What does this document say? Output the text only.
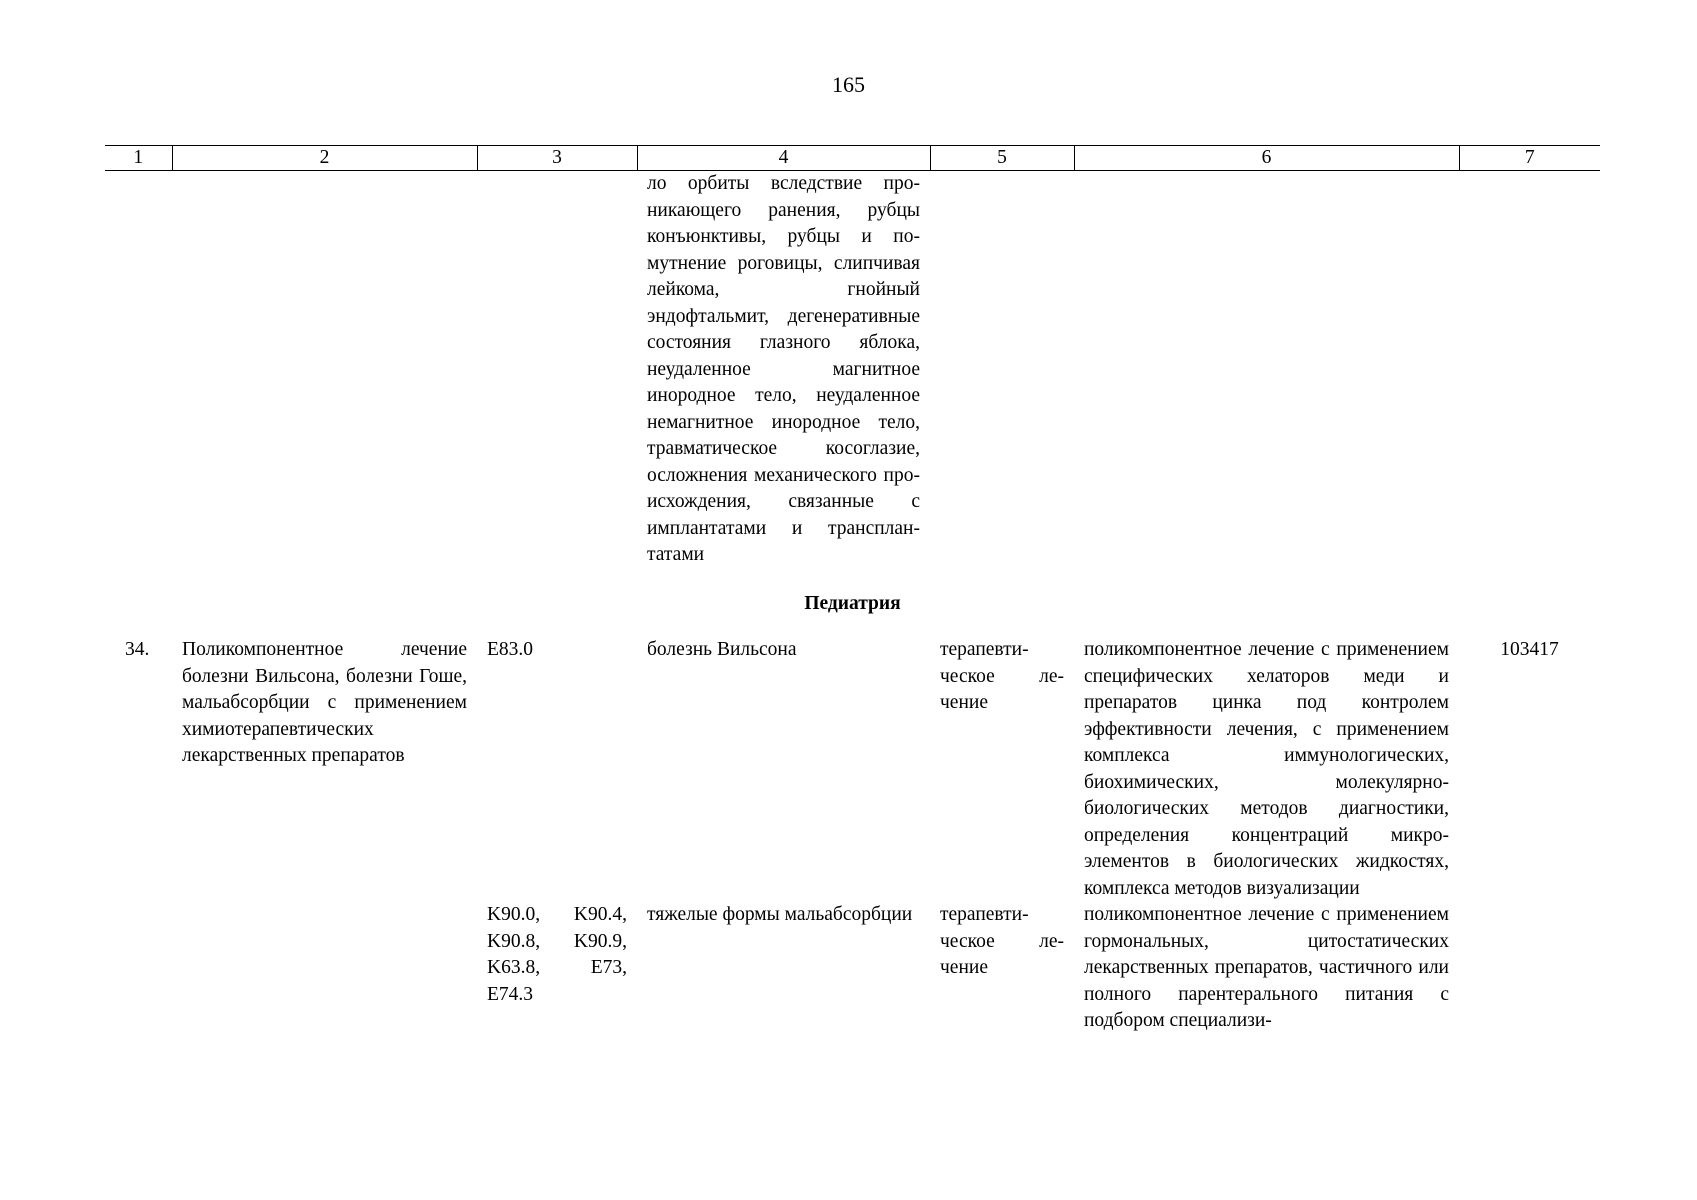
165
1	2	3	4	5	6	7
			ло орбиты вследствие проникающего ранения, рубцы конъюнктивы, рубцы и помутнение роговицы, слипчивая лейкома, гнойный эндофтальмит, дегенеративные состояния глазного яблока, неудаленное магнитное инородное тело, неудаленное немагнитное инородное тело, травматическое косоглазие, осложнения механического происхождения, связанные с имплантатами и трансплантатами			
Педиатрия						
34.	Поликомпонентное лечение болезни Вильсона, болезни Гоше, мальабсорбции с применением химиотерапевтических лекарственных препаратов	E83.0	болезнь Вильсона	терапевтическое лечение	поликомпонентное лечение с применением специфических хелаторов меди и препаратов цинка под контролем эффективности лечения, с применением комплекса иммунологических, биохимических, молекулярно-биологических методов диагностики, определения концентраций микроэлементов в биологических жидкостях, комплекса методов визуализации	103417
		K90.0, K90.4, K90.8, K90.9, K63.8, E73, E74.3	тяжелые формы мальабсорбции	терапевтическое лечение	поликомпонентное лечение с применением гормональных, цитостатических лекарственных препаратов, частичного или полного парентерального питания с подбором специализи-	
